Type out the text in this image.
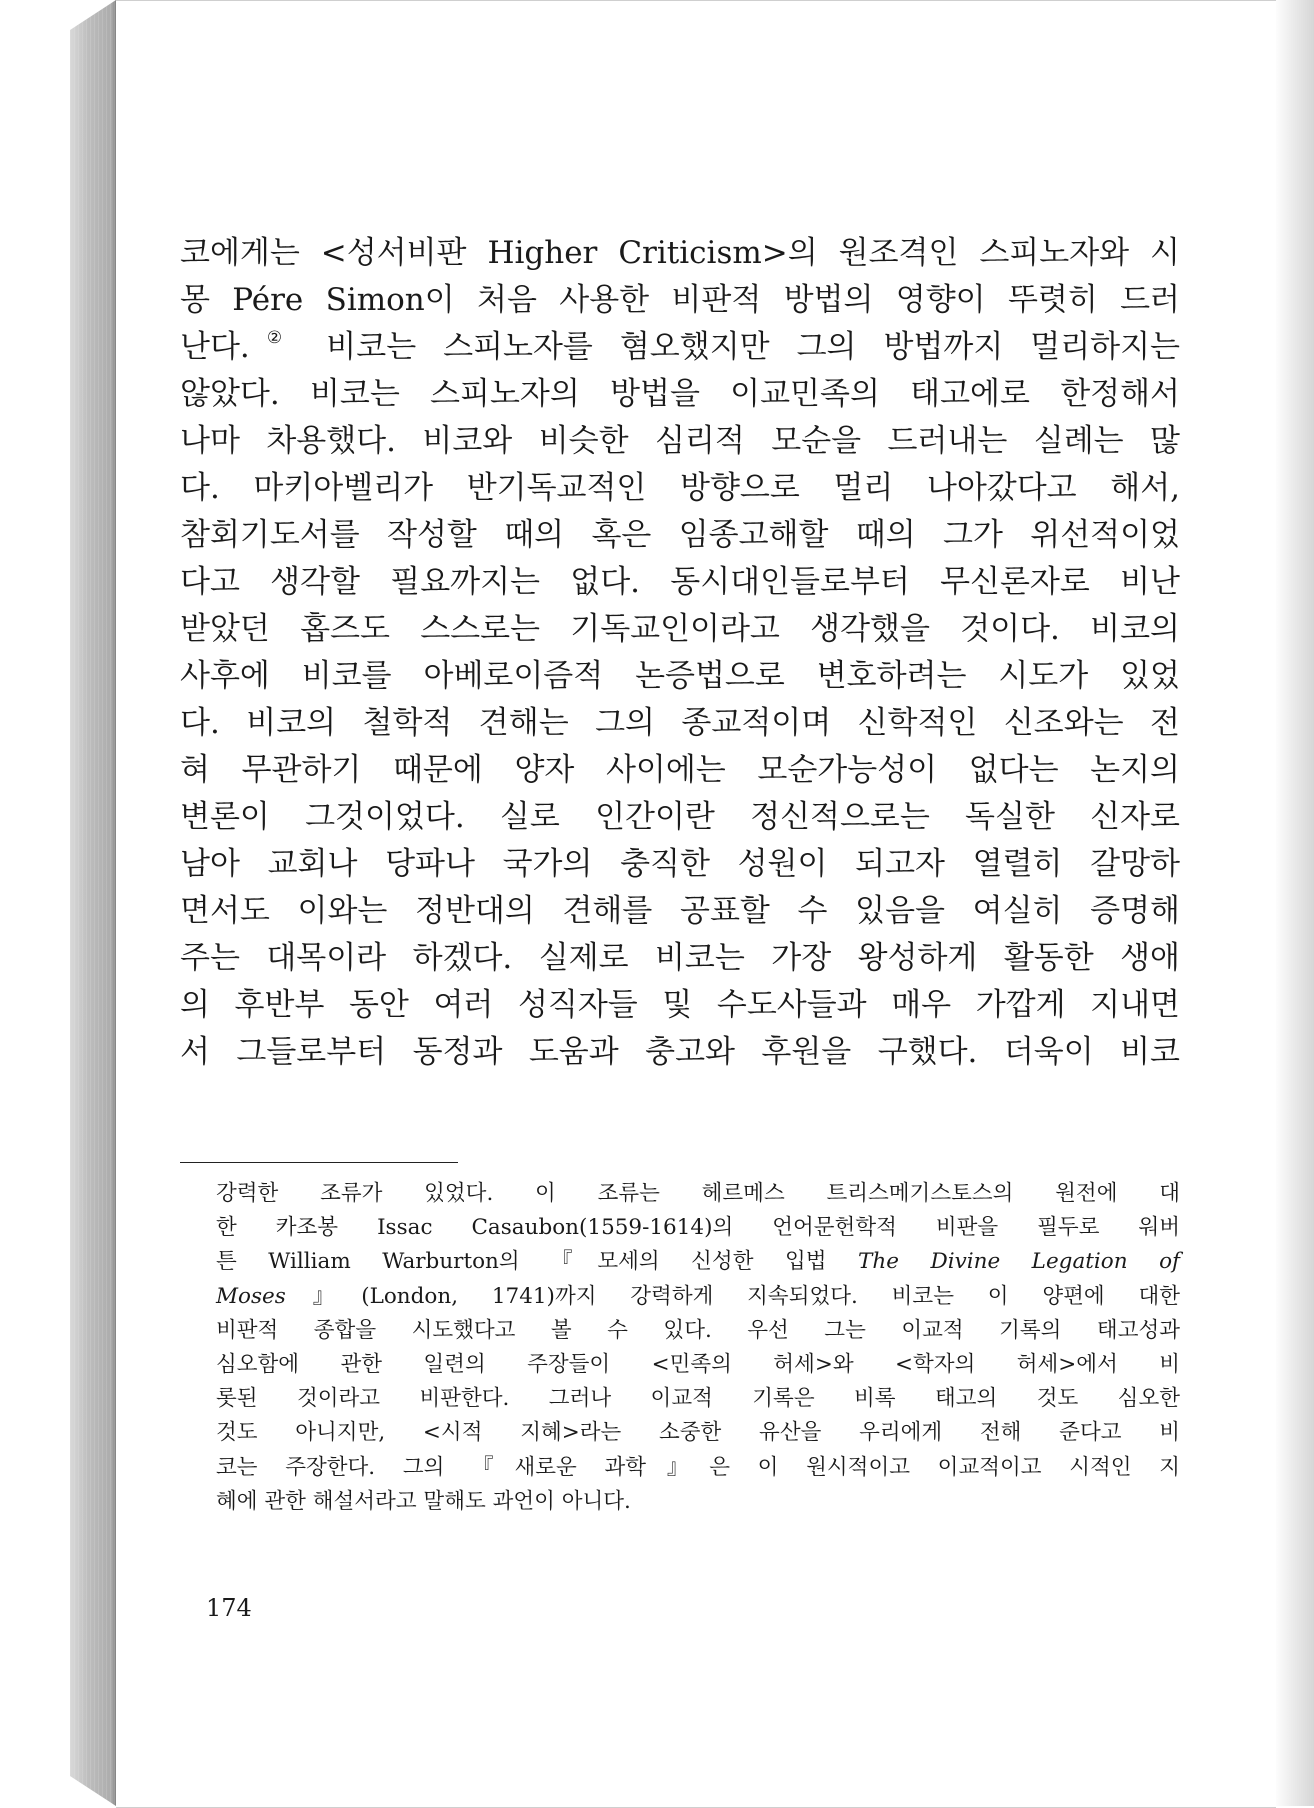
코에게는 <성서비판 Higher Criticism>의 원조격인 스피노자와 시
몽 Pére Simon이 처음 사용한 비판적 방법의 영향이 뚜렷히 드러
난다.② 비코는 스피노자를 혐오했지만 그의 방법까지 멀리하지는
않았다. 비코는 스피노자의 방법을 이교민족의 태고에로 한정해서
나마 차용했다. 비코와 비슷한 심리적 모순을 드러내는 실례는 많
다. 마키아벨리가 반기독교적인 방향으로 멀리 나아갔다고 해서,
참회기도서를 작성할 때의 혹은 임종고해할 때의 그가 위선적이었
다고 생각할 필요까지는 없다. 동시대인들로부터 무신론자로 비난
받았던 홉즈도 스스로는 기독교인이라고 생각했을 것이다. 비코의
사후에 비코를 아베로이즘적 논증법으로 변호하려는 시도가 있었
다. 비코의 철학적 견해는 그의 종교적이며 신학적인 신조와는 전
혀 무관하기 때문에 양자 사이에는 모순가능성이 없다는 논지의
변론이 그것이었다. 실로 인간이란 정신적으로는 독실한 신자로
남아 교회나 당파나 국가의 충직한 성원이 되고자 열렬히 갈망하
면서도 이와는 정반대의 견해를 공표할 수 있음을 여실히 증명해
주는 대목이라 하겠다. 실제로 비코는 가장 왕성하게 활동한 생애
의 후반부 동안 여러 성직자들 및 수도사들과 매우 가깝게 지내면
서 그들로부터 동정과 도움과 충고와 후원을 구했다. 더욱이 비코
강력한 조류가 있었다. 이 조류는 헤르메스 트리스메기스토스의 원전에 대
한 카조봉 Issac Casaubon(1559-1614)의 언어문헌학적 비판을 필두로 워버
튼 William Warburton의 『모세의 신성한 입법 The Divine Legation of
Moses』(London, 1741)까지 강력하게 지속되었다. 비코는 이 양편에 대한
비판적 종합을 시도했다고 볼 수 있다. 우선 그는 이교적 기록의 태고성과
심오함에 관한 일련의 주장들이 <민족의 허세>와 <학자의 허세>에서 비
롯된 것이라고 비판한다. 그러나 이교적 기록은 비록 태고의 것도 심오한
것도 아니지만, <시적 지혜>라는 소중한 유산을 우리에게 전해 준다고 비
코는 주장한다. 그의 『새로운 과학』은 이 원시적이고 이교적이고 시적인 지
혜에 관한 해설서라고 말해도 과언이 아니다.
174
